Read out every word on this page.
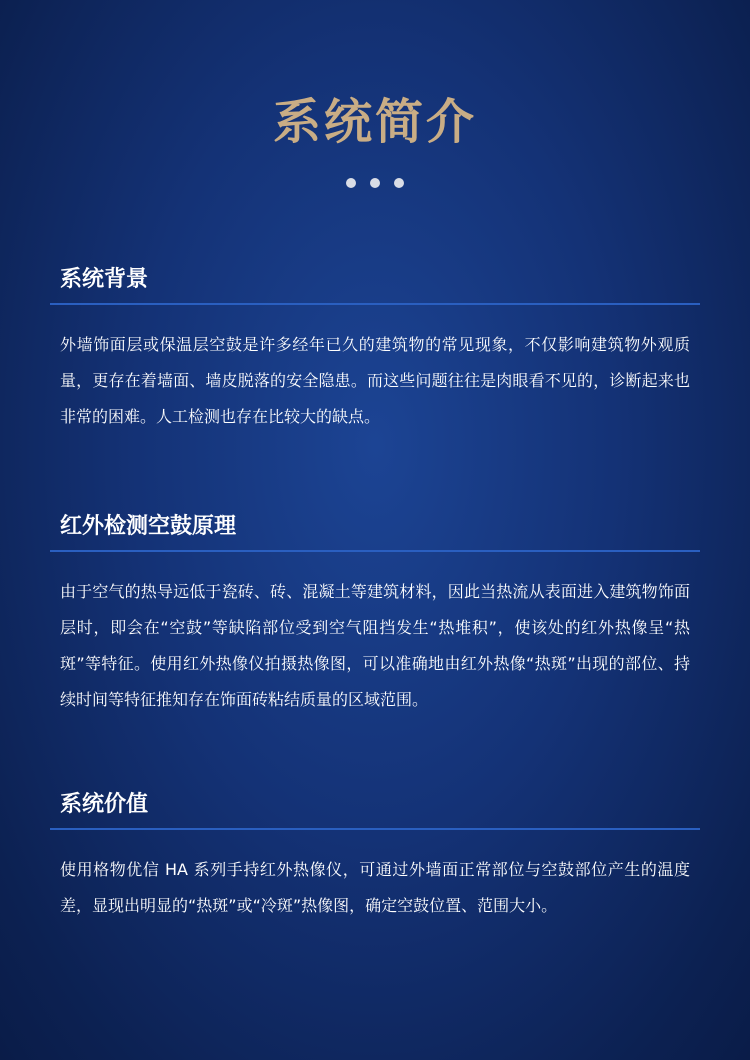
系统简介
系统背景
外墙饰面层或保温层空鼓是许多经年已久的建筑物的常见现象，不仅影响建筑物外观质量，更存在着墙面、墙皮脱落的安全隐患。而这些问题往往是肉眼看不见的，诊断起来也非常的困难。人工检测也存在比较大的缺点。
红外检测空鼓原理
由于空气的热导远低于瓷砖、砖、混凝土等建筑材料，因此当热流从表面进入建筑物饰面层时，即会在“空鼓”等缺陷部位受到空气阻挡发生“热堆积”，使该处的红外热像呈“热斑”等特征。使用红外热像仪拍摄热像图，可以准确地由红外热像“热斑”出现的部位、持续时间等特征推知存在饰面砖粘结质量的区域范围。
系统价值
使用格物优信 HA 系列手持红外热像仪，可通过外墙面正常部位与空鼓部位产生的温度差，显现出明显的“热斑”或“冷斑”热像图，确定空鼓位置、范围大小。
